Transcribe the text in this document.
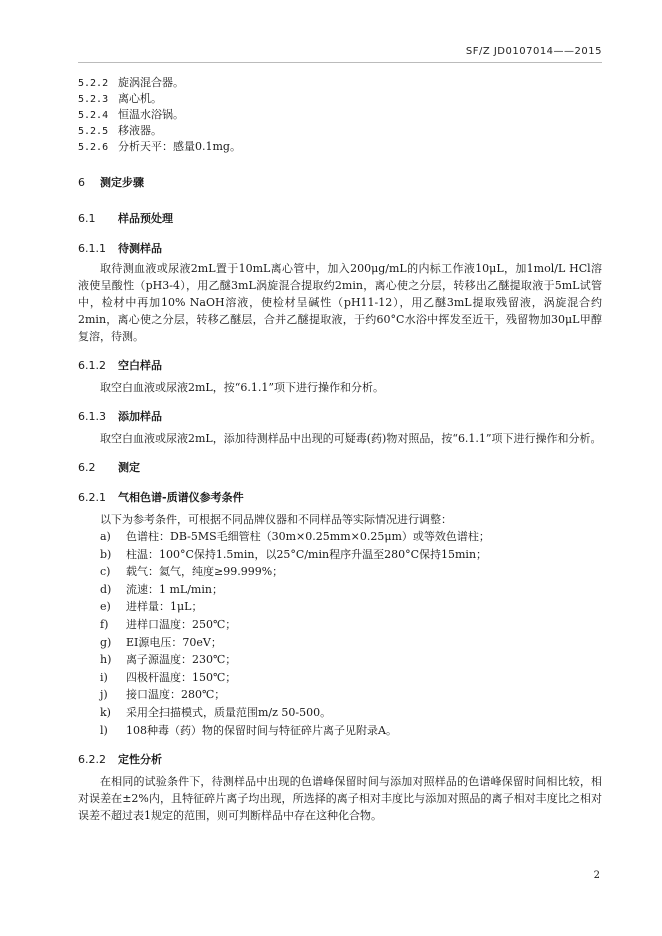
SF/Z JD0107014——2015
5.2.2 旋涡混合器。
5.2.3 离心机。
5.2.4 恒温水浴锅。
5.2.5 移液器。
5.2.6 分析天平：感量0.1mg。
6 测定步骤
6.1 样品预处理
6.1.1 待测样品
取待测血液或尿液2mL置于10mL离心管中，加入200μg/mL的内标工作液10μL，加1mol/L HCl溶液使呈酸性（pH3-4），用乙醚3mL涡旋混合提取约2min，离心使之分层，转移出乙醚提取液于5mL试管中，检材中再加10% NaOH溶液，使检材呈碱性（pH11-12），用乙醚3mL提取残留液，涡旋混合约2min，离心使之分层，转移乙醚层，合并乙醚提取液，于约60°C水浴中挥发至近干，残留物加30μL甲醇复溶，待测。
6.1.2 空白样品
取空白血液或尿液2mL，按“6.1.1”项下进行操作和分析。
6.1.3 添加样品
取空白血液或尿液2mL，添加待测样品中出现的可疑毒(药)物对照品，按“6.1.1”项下进行操作和分析。
6.2 测定
6.2.1 气相色谱-质谱仪参考条件
以下为参考条件，可根据不同品牌仪器和不同样品等实际情况进行调整：
a) 色谱柱：DB-5MS毛细管柱（30m×0.25mm×0.25μm）或等效色谱柱；
b) 柱温：100°C保持1.5min，以25°C/min程序升温至280°C保持15min；
c) 载气：氦气，纯度≥99.999%；
d) 流速：1 mL/min；
e) 进样量：1μL；
f) 进样口温度：250℃；
g) EI源电压：70eV；
h) 离子源温度：230℃；
i) 四极杆温度：150℃；
j) 接口温度：280℃；
k) 采用全扫描模式，质量范围m/z 50-500。
l) 108种毒（药）物的保留时间与特征碎片离子见附录A。
6.2.2 定性分析
在相同的试验条件下，待测样品中出现的色谱峰保留时间与添加对照样品的色谱峰保留时间相比较，相对误差在±2%内，且特征碎片离子均出现，所选择的离子相对丰度比与添加对照品的离子相对丰度比之相对误差不超过表1规定的范围，则可判断样品中存在这种化合物。
2
